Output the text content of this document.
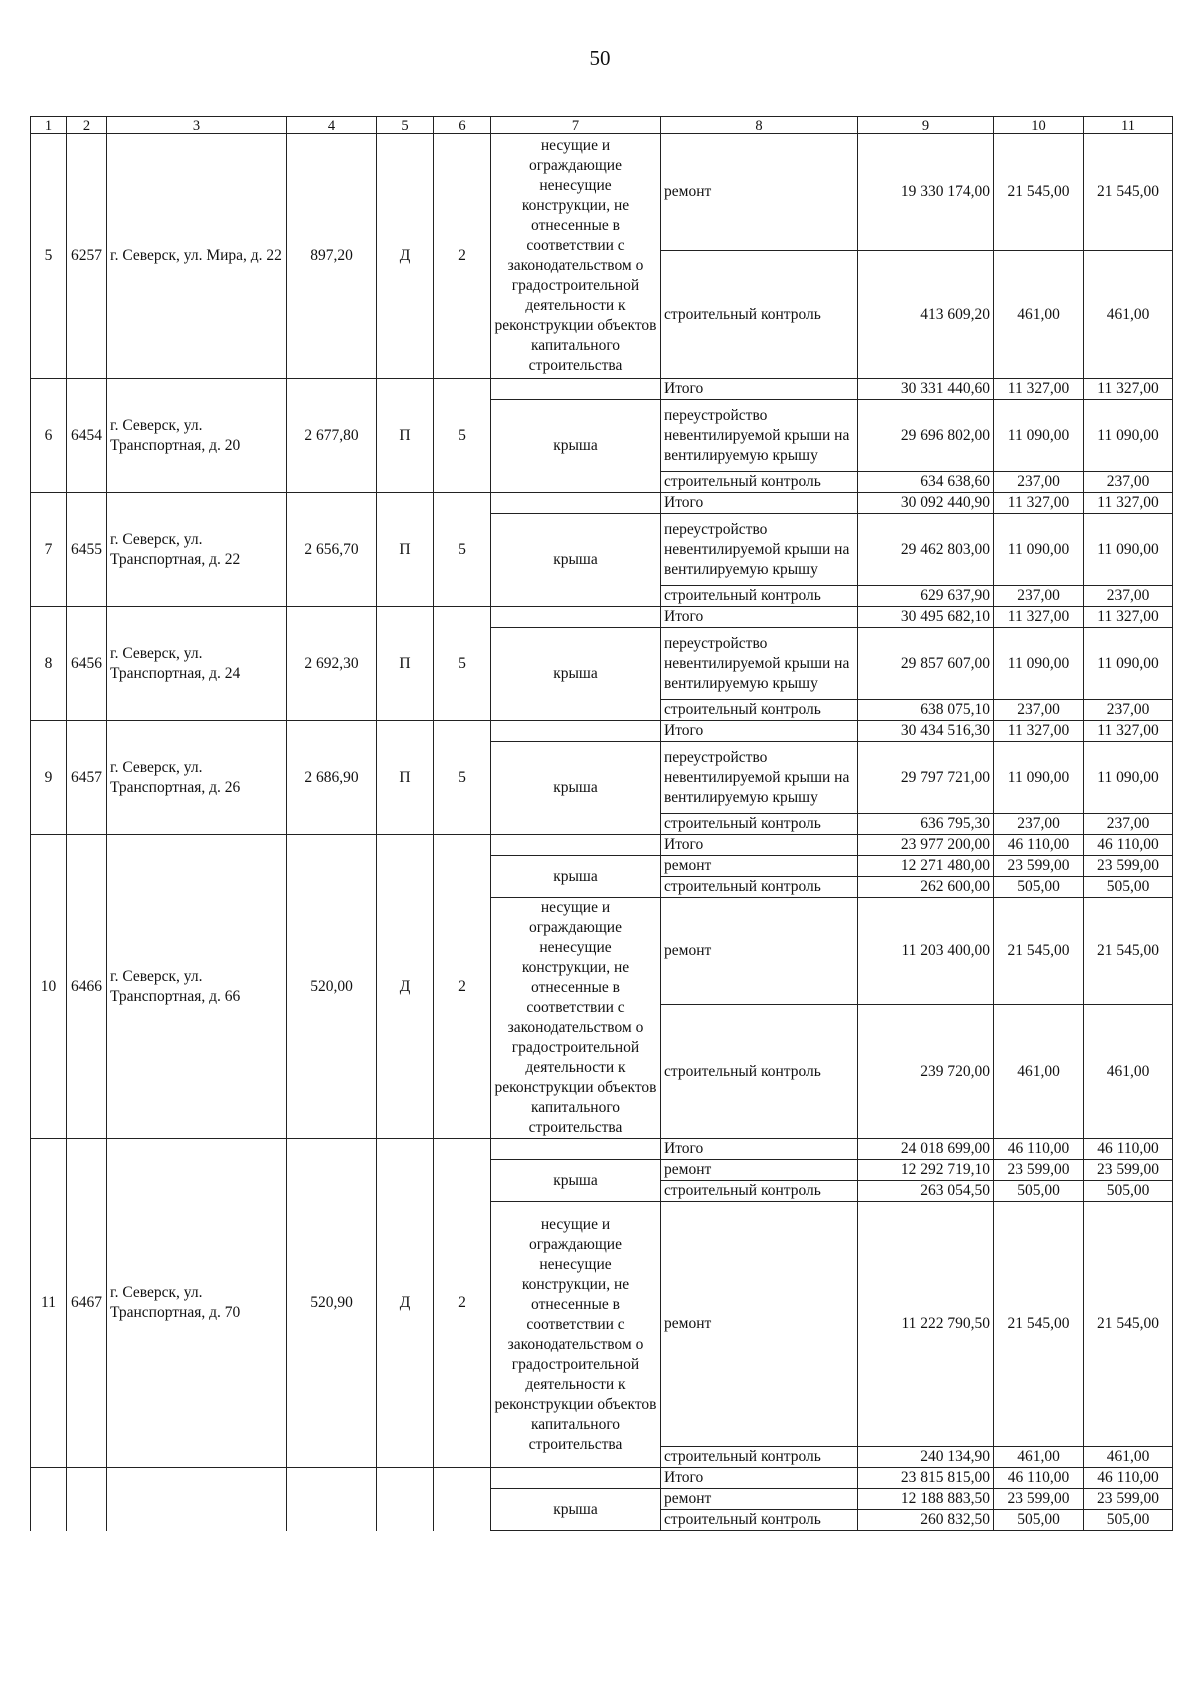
50
1	2	3	4	5	6	7	8	9	10	11
5	6257	г. Северск, ул. Мира, д. 22	897,20	Д	2	несущие и ограждающие ненесущие конструкции, не отнесенные в соответствии с законодательством о градостроительной деятельности к реконструкции объектов капитального строительства	ремонт	19 330 174,00	21 545,00	21 545,00
							строительный контроль	413 609,20	461,00	461,00
6	6454	г. Северск, ул. Транспортная, д. 20	2 677,80	П	5		Итого	30 331 440,60	11 327,00	11 327,00
						крыша	переустройство невентилируемой крыши на вентилируемую крышу	29 696 802,00	11 090,00	11 090,00
							строительный контроль	634 638,60	237,00	237,00
7	6455	г. Северск, ул. Транспортная, д. 22	2 656,70	П	5		Итого	30 092 440,90	11 327,00	11 327,00
						крыша	переустройство невентилируемой крыши на вентилируемую крышу	29 462 803,00	11 090,00	11 090,00
							строительный контроль	629 637,90	237,00	237,00
8	6456	г. Северск, ул. Транспортная, д. 24	2 692,30	П	5		Итого	30 495 682,10	11 327,00	11 327,00
						крыша	переустройство невентилируемой крыши на вентилируемую крышу	29 857 607,00	11 090,00	11 090,00
							строительный контроль	638 075,10	237,00	237,00
9	6457	г. Северск, ул. Транспортная, д. 26	2 686,90	П	5		Итого	30 434 516,30	11 327,00	11 327,00
						крыша	переустройство невентилируемой крыши на вентилируемую крышу	29 797 721,00	11 090,00	11 090,00
							строительный контроль	636 795,30	237,00	237,00
10	6466	г. Северск, ул. Транспортная, д. 66	520,00	Д	2		Итого	23 977 200,00	46 110,00	46 110,00
						крыша	ремонт	12 271 480,00	23 599,00	23 599,00
							строительный контроль	262 600,00	505,00	505,00
						несущие и ограждающие ненесущие конструкции, не отнесенные в соответствии с законодательством о градостроительной деятельности к реконструкции объектов капитального строительства	ремонт	11 203 400,00	21 545,00	21 545,00
							строительный контроль	239 720,00	461,00	461,00
11	6467	г. Северск, ул. Транспортная, д. 70	520,90	Д	2		Итого	24 018 699,00	46 110,00	46 110,00
						крыша	ремонт	12 292 719,10	23 599,00	23 599,00
							строительный контроль	263 054,50	505,00	505,00
						несущие и ограждающие ненесущие конструкции, не отнесенные в соответствии с законодательством о градостроительной деятельности к реконструкции объектов капитального строительства	ремонт	11 222 790,50	21 545,00	21 545,00
							строительный контроль	240 134,90	461,00	461,00
							Итого	23 815 815,00	46 110,00	46 110,00
						крыша	ремонт	12 188 883,50	23 599,00	23 599,00
							строительный контроль	260 832,50	505,00	505,00
